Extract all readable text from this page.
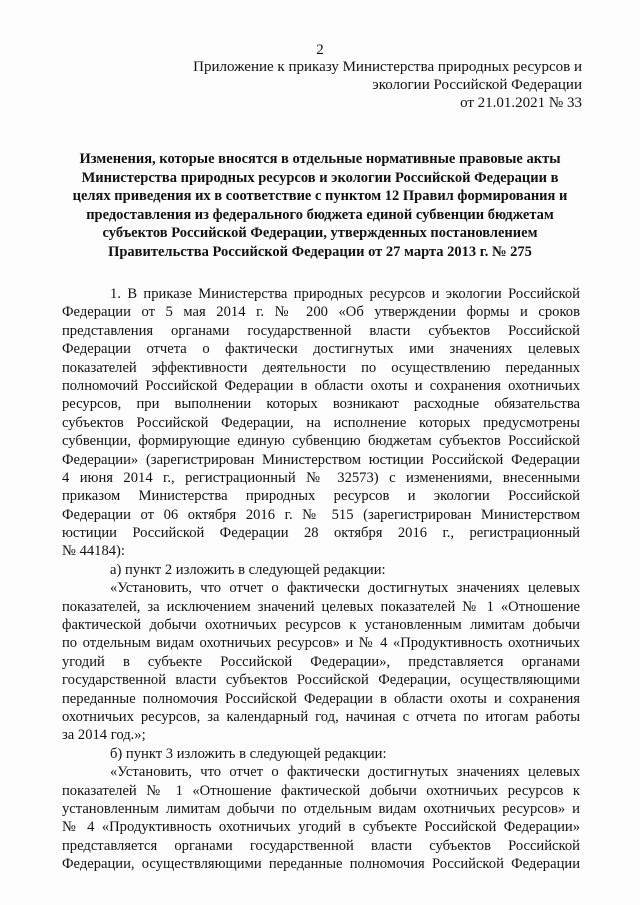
2
Приложение к приказу Министерства природных ресурсов и
экологии Российской Федерации
от 21.01.2021 № 33
Изменения, которые вносятся в отдельные нормативные правовые акты
Министерства природных ресурсов и экологии Российской Федерации в
целях приведения их в соответствие с пунктом 12 Правил формирования и
предоставления из федерального бюджета единой субвенции бюджетам
субъектов Российской Федерации, утвержденных постановлением
Правительства Российской Федерации от 27 марта 2013 г. № 275
1. В приказе Министерства природных ресурсов и экологии Российской
Федерации от 5 мая 2014 г. № 200 «Об утверждении формы и сроков
представления органами государственной власти субъектов Российской
Федерации отчета о фактически достигнутых ими значениях целевых
показателей эффективности деятельности по осуществлению переданных
полномочий Российской Федерации в области охоты и сохранения охотничьих
ресурсов, при выполнении которых возникают расходные обязательства
субъектов Российской Федерации, на исполнение которых предусмотрены
субвенции, формирующие единую субвенцию бюджетам субъектов Российской
Федерации» (зарегистрирован Министерством юстиции Российской Федерации
4 июня 2014 г., регистрационный № 32573) с изменениями, внесенными
приказом Министерства природных ресурсов и экологии Российской
Федерации от 06 октября 2016 г. № 515 (зарегистрирован Министерством
юстиции Российской Федерации 28 октября 2016 г., регистрационный
№ 44184):
а) пункт 2 изложить в следующей редакции:
«Установить, что отчет о фактически достигнутых значениях целевых
показателей, за исключением значений целевых показателей № 1 «Отношение
фактической добычи охотничьих ресурсов к установленным лимитам добычи
по отдельным видам охотничьих ресурсов» и № 4 «Продуктивность охотничьих
угодий в субъекте Российской Федерации», представляется органами
государственной власти субъектов Российской Федерации, осуществляющими
переданные полномочия Российской Федерации в области охоты и сохранения
охотничьих ресурсов, за календарный год, начиная с отчета по итогам работы
за 2014 год.»;
б) пункт 3 изложить в следующей редакции:
«Установить, что отчет о фактически достигнутых значениях целевых
показателей № 1 «Отношение фактической добычи охотничьих ресурсов к
установленным лимитам добычи по отдельным видам охотничьих ресурсов» и
№ 4 «Продуктивность охотничьих угодий в субъекте Российской Федерации»
представляется органами государственной власти субъектов Российской
Федерации, осуществляющими переданные полномочия Российской Федерации
